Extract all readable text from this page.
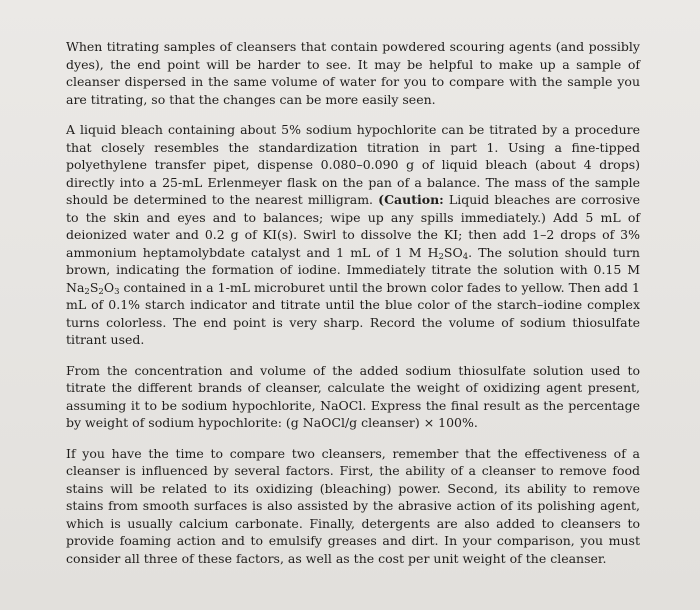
When titrating samples of cleansers that contain powdered scouring agents (and possibly dyes), the end point will be harder to see. It may be helpful to make up a sample of cleanser dispersed in the same volume of water for you to compare with the sample you are titrating, so that the changes can be more easily seen.

A liquid bleach containing about 5% sodium hypochlorite can be titrated by a procedure that closely resembles the standardization titration in part 1. Using a fine-tipped polyethylene transfer pipet, dispense 0.080–0.090 g of liquid bleach (about 4 drops) directly into a 25-mL Erlenmeyer flask on the pan of a balance. The mass of the sample should be determined to the nearest milligram. (Caution: Liquid bleaches are corrosive to the skin and eyes and to balances; wipe up any spills immediately.) Add 5 mL of deionized water and 0.2 g of KI(s). Swirl to dissolve the KI; then add 1–2 drops of 3% ammonium heptamolybdate catalyst and 1 mL of 1 M $H_2SO_4$. The solution should turn brown, indicating the formation of iodine. Immediately titrate the solution with 0.15 M $Na_2S_2O_3$ contained in a 1-mL microburet until the brown color fades to yellow. Then add 1 mL of 0.1% starch indicator and titrate until the blue color of the starch–iodine complex turns colorless. The end point is very sharp. Record the volume of sodium thiosulfate titrant used.

From the concentration and volume of the added sodium thiosulfate solution used to titrate the different brands of cleanser, calculate the weight of oxidizing agent present, assuming it to be sodium hypochlorite, NaOCl. Express the final result as the percentage by weight of sodium hypochlorite: (g NaOCl/g cleanser) × 100%.

If you have the time to compare two cleansers, remember that the effectiveness of a cleanser is influenced by several factors. First, the ability of a cleanser to remove food stains will be related to its oxidizing (bleaching) power. Second, its ability to remove stains from smooth surfaces is also assisted by the abrasive action of its polishing agent, which is usually calcium carbonate. Finally, detergents are also added to cleansers to provide foaming action and to emulsify greases and dirt. In your comparison, you must consider all three of these factors, as well as the cost per unit weight of the cleanser.
